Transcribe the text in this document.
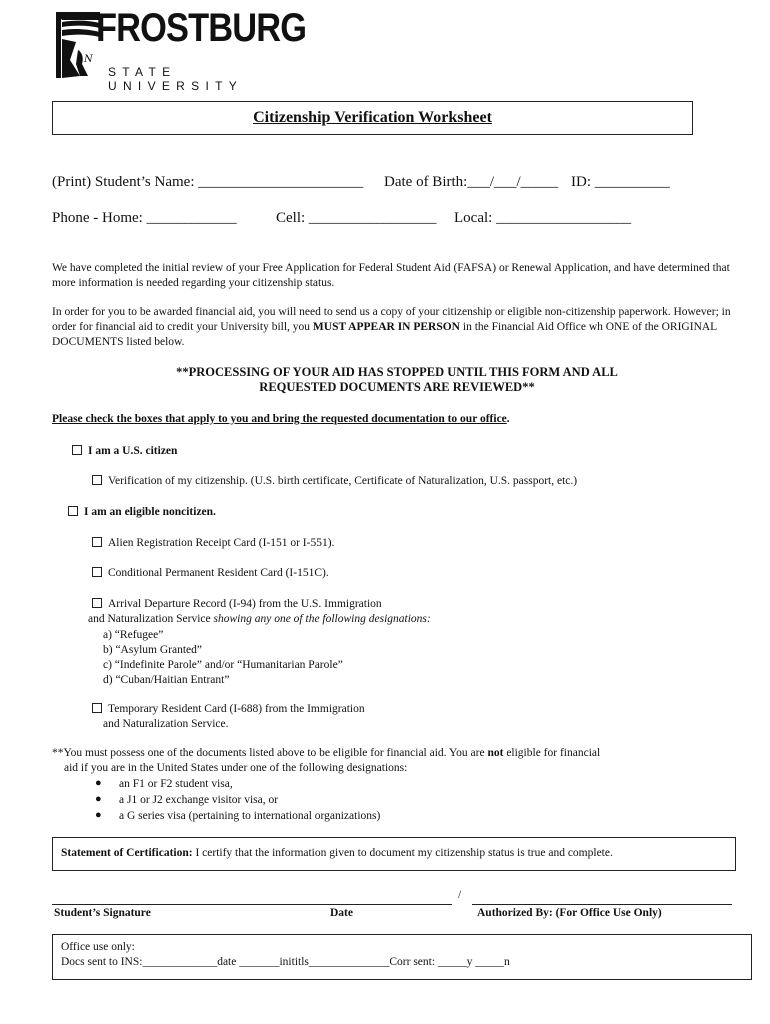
N
FROSTBURG
STATE UNIVERSITY
Citizenship Verification Worksheet
(Print) Student’s Name: ______________________ Date of Birth:___/___/_____ ID: __________
Phone - Home: ____________	Cell: _________________ Local: __________________
We have completed the initial review of your Free Application for Federal Student Aid (FAFSA) or Renewal Application, and have determined that more information is needed regarding your citizenship status.
In order for you to be awarded financial aid, you will need to send us a copy of your citizenship or eligible non-citizenship paperwork. However; in order for financial aid to credit your University bill, you MUST APPEAR IN PERSON in the Financial Aid Office wh ONE of the ORIGINAL DOCUMENTS listed below.
**PROCESSING OF YOUR AID HAS STOPPED UNTIL THIS FORM AND ALL
REQUESTED DOCUMENTS ARE REVIEWED**
Please check the boxes that apply to you and bring the requested documentation to our office.
I am a U.S. citizen
Verification of my citizenship. (U.S. birth certificate, Certificate of Naturalization, U.S. passport, etc.)
I am an eligible noncitizen.
Alien Registration Receipt Card (I-151 or I-551).
Conditional Permanent Resident Card (I-151C).
Arrival Departure Record (I-94) from the U.S. Immigration
and Naturalization Service showing any one of the following designations:
a) “Refugee”
b) “Asylum Granted”
c) “Indefinite Parole” and/or “Humanitarian Parole”
d) “Cuban/Haitian Entrant”
Temporary Resident Card (I-688) from the Immigration
and Naturalization Service.
**You must possess one of the documents listed above to be eligible for financial aid. You are not eligible for financial
aid if you are in the United States under one of the following designations:
● an F1 or F2 student visa,
● a J1 or J2 exchange visitor visa, or
● a G series visa (pertaining to international organizations)
Statement of Certification: I certify that the information given to document my citizenship status is true and complete.
/
Student’s Signature	Date	Authorized By: (For Office Use Only)
Office use only:
Docs sent to INS:_____________date _______inititls______________Corr sent: _____y _____n
